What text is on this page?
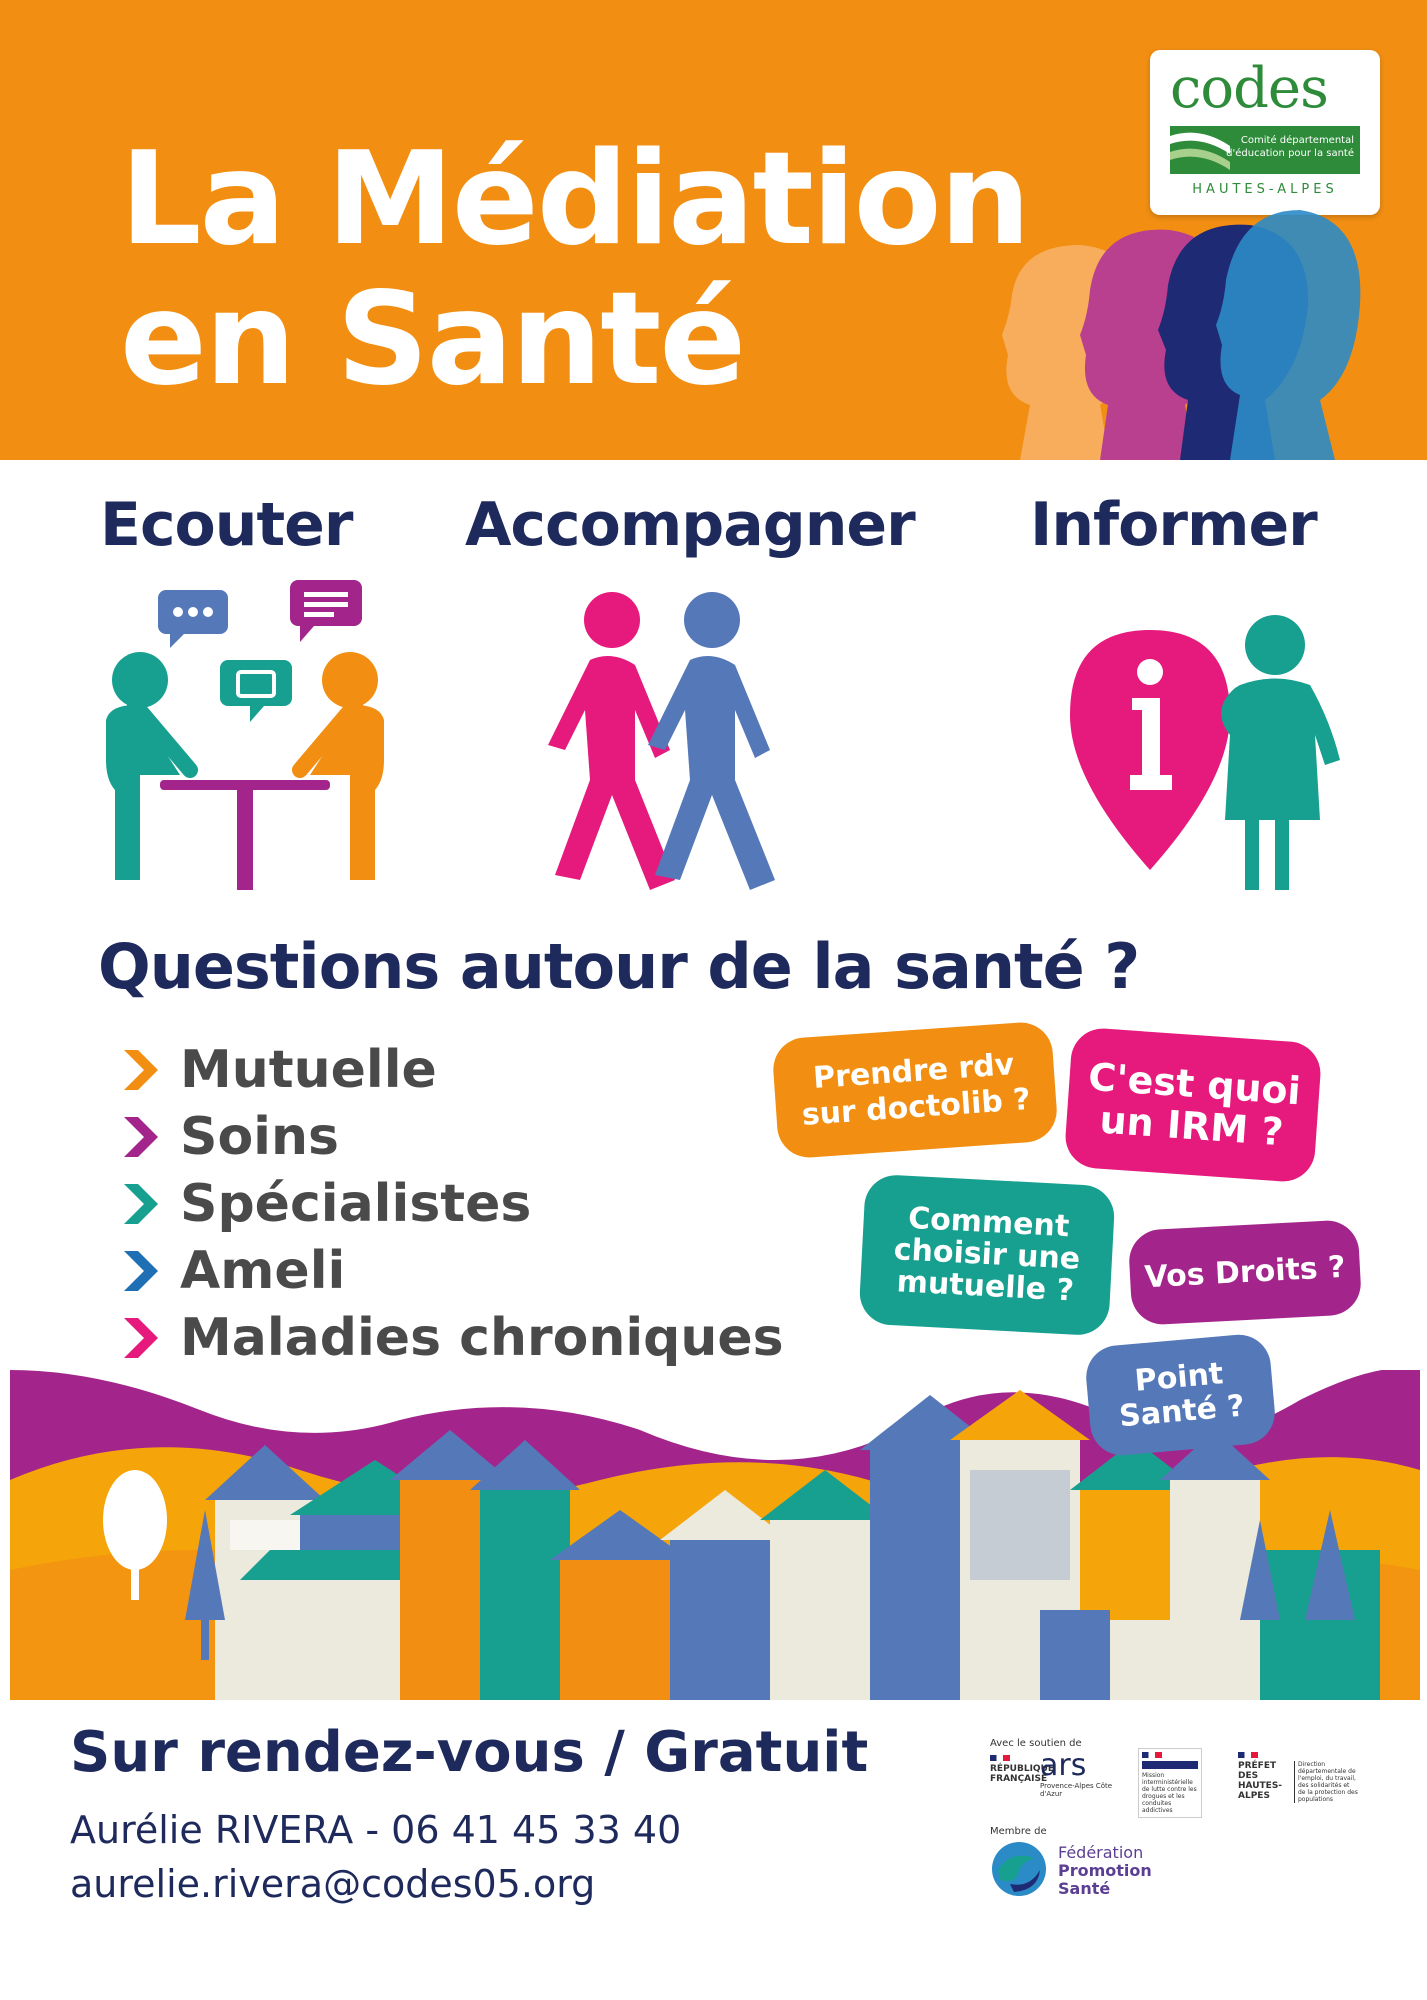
La Médiation
en Santé
codes
Comité départemental
d'éducation pour la santé
HAUTES-ALPES
Ecouter Accompagner Informer
Questions autour de la santé ?
Mutuelle
Soins
Spécialistes
Ameli
Maladies chroniques
Prendre rdv
sur doctolib ? C'est quoi
un IRM ?
Comment
choisir une
mutuelle ? Vos Droits ?
Point
Santé ?
Sur rendez-vous / Gratuit
Aurélie RIVERA - 06 41 45 33 40
aurelie.rivera@codes05.org
Avec le soutien de
RÉPUBLIQUE FRANÇAISE
ars
Provence-Alpes Côte d'Azur
Mission interministérielle de lutte contre les drogues et les conduites addictives
PRÉFET DES HAUTES-ALPES
Direction départementale de l'emploi, du travail, des solidarités et de la protection des populations
Membre de
Fédération
Promotion
Santé
